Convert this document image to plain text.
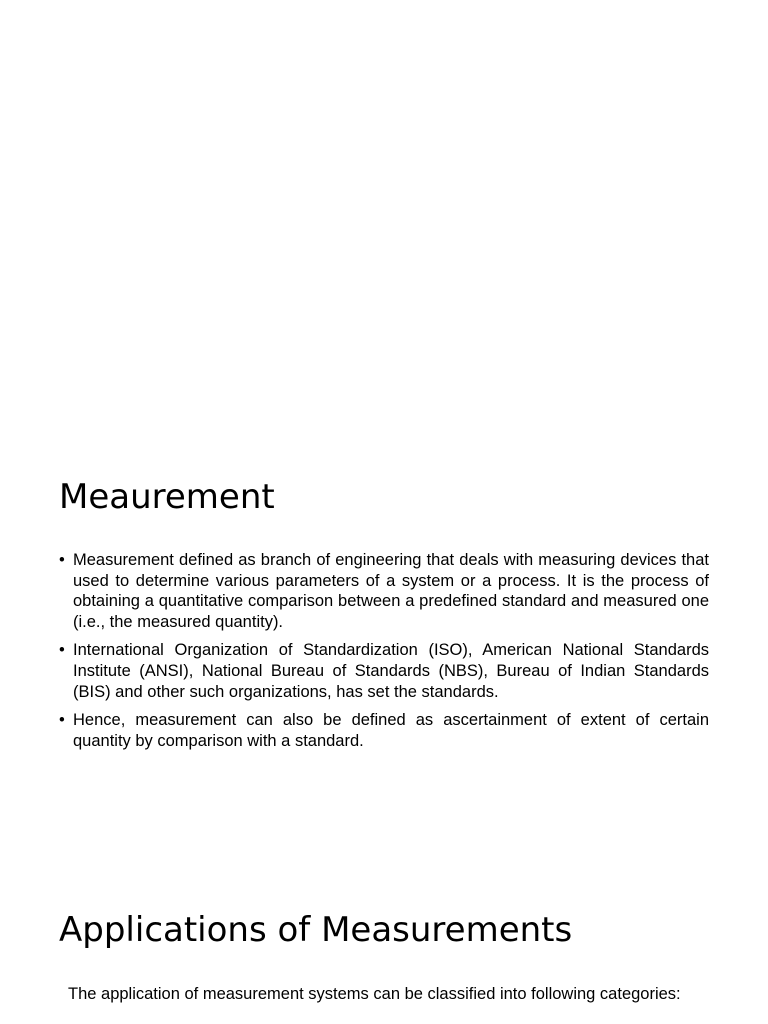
Meaurement
• Measurement defined as branch of engineering that deals with measuring devices that used to determine various parameters of a system or a process. It is the process of obtaining a quantitative comparison between a predefined standard and measured one (i.e., the measured quantity).
• International Organization of Standardization (ISO), American National Standards Institute (ANSI), National Bureau of Standards (NBS), Bureau of Indian Standards (BIS) and other such organizations, has set the standards.
• Hence, measurement can also be defined as ascertainment of extent of certain quantity by comparison with a standard.
Applications of Measurements

The application of measurement systems can be classified into following categories:
